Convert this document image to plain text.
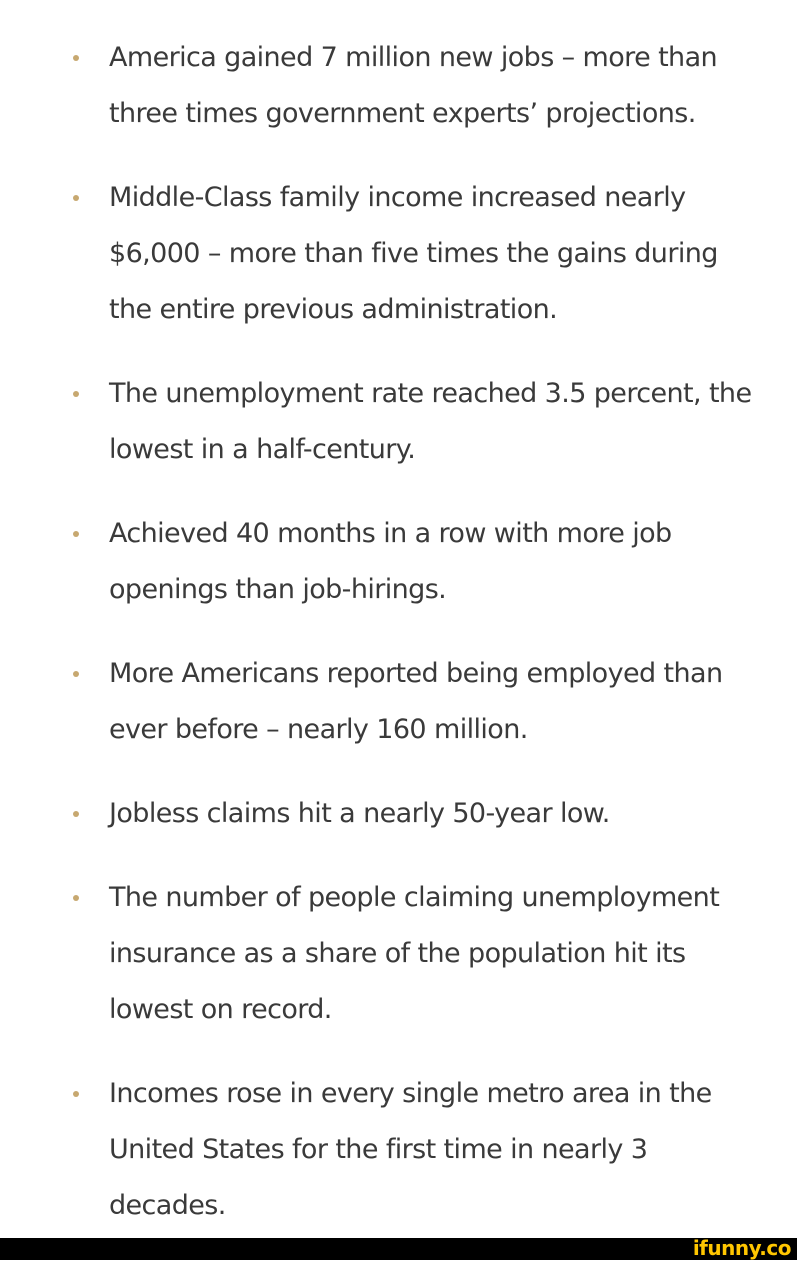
America gained 7 million new jobs – more than three times government experts’ projections.
Middle-Class family income increased nearly $6,000 – more than five times the gains during the entire previous administration.
The unemployment rate reached 3.5 percent, the lowest in a half-century.
Achieved 40 months in a row with more job openings than job-hirings.
More Americans reported being employed than ever before – nearly 160 million.
Jobless claims hit a nearly 50-year low.
The number of people claiming unemployment insurance as a share of the population hit its lowest on record.
Incomes rose in every single metro area in the United States for the first time in nearly 3 decades.
ifunny.co
